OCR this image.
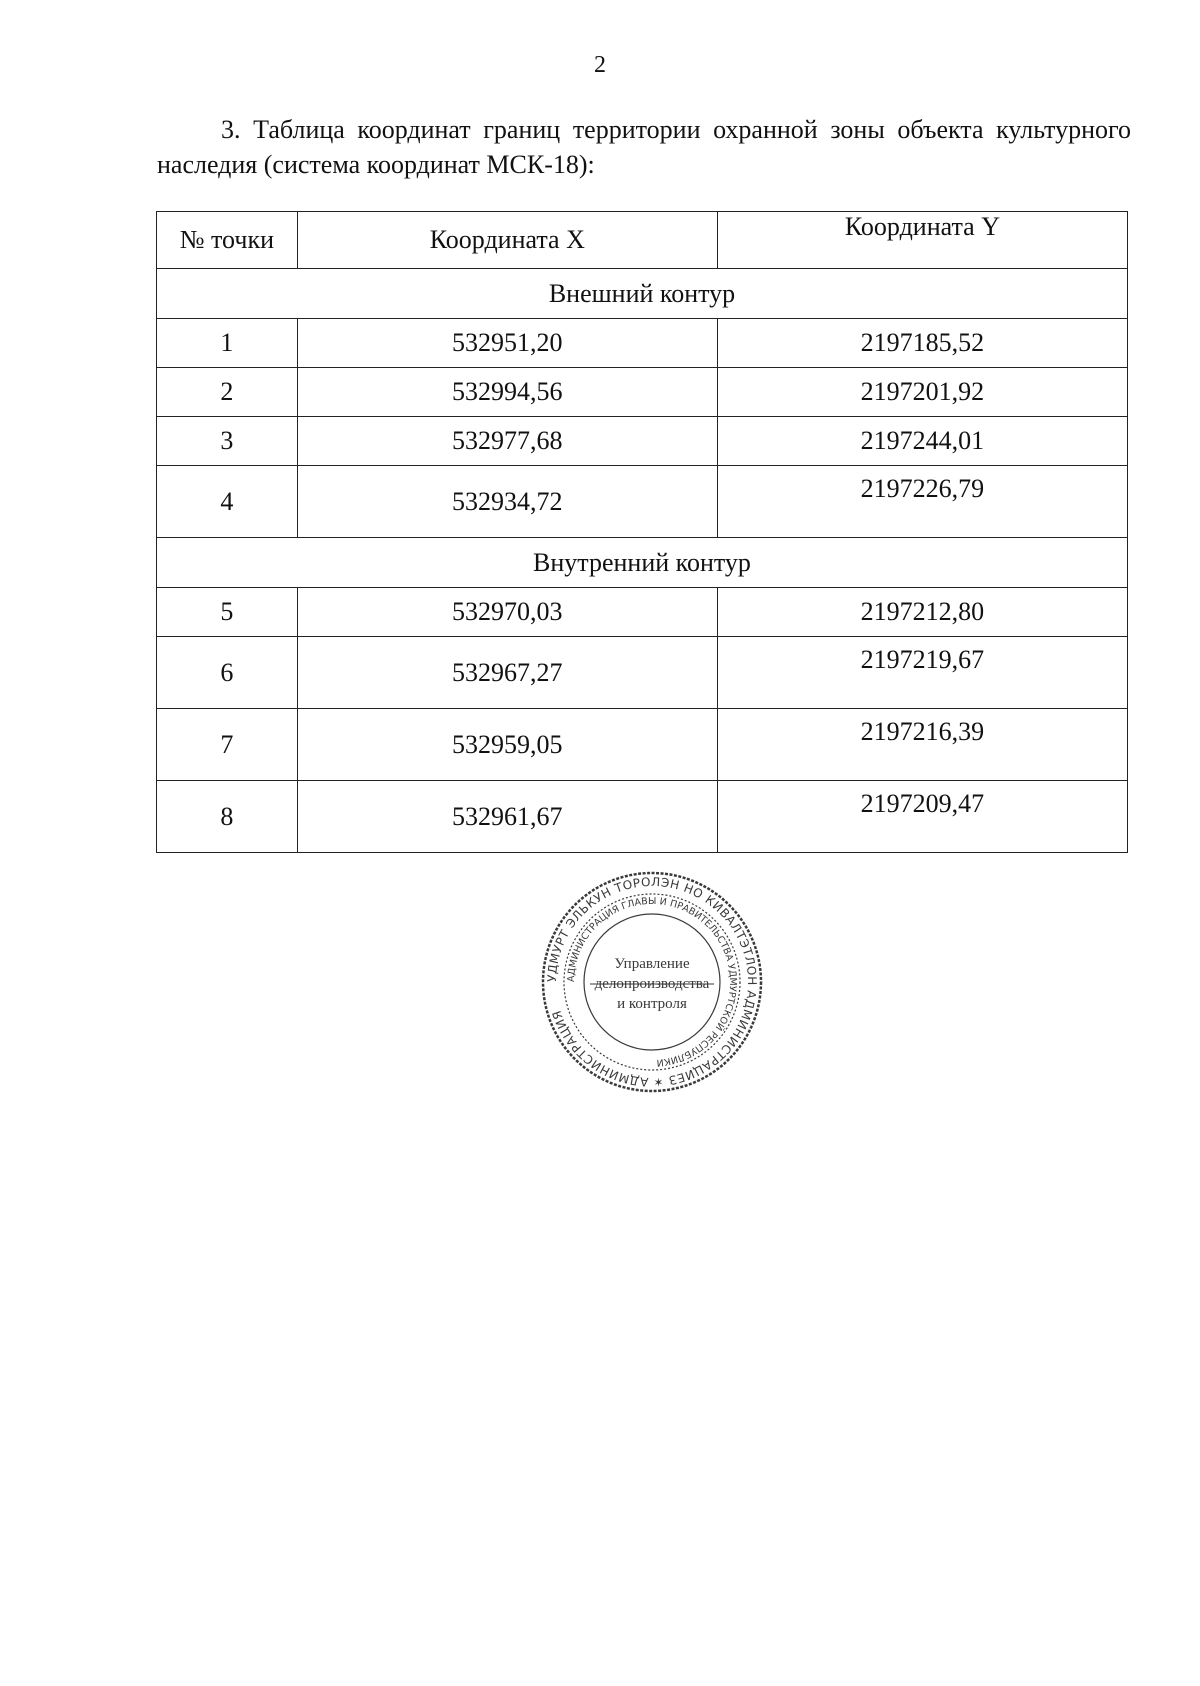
2
3. Таблица координат границ территории охранной зоны объекта культурного наследия (система координат МСК-18):
№ точки	Координата X	Координата Y
Внешний контур		
1	532951,20	2197185,52
2	532994,56	2197201,92
3	532977,68	2197244,01
4	532934,72	2197226,79
Внутренний контур		
5	532970,03	2197212,80
6	532967,27	2197219,67
7	532959,05	2197216,39
8	532961,67	2197209,47
УДМУРТ ЭЛЬКУН ТОРОЛЭН НО КИВАЛТЭТЛОН АДМИНИСТРАЦИЕЗ ✶ АДМИНИСТРАЦИЯ
АДМИНИСТРАЦИЯ ГЛАВЫ И ПРАВИТЕЛЬСТВА УДМУРТСКОЙ РЕСПУБЛИКИ
Управление
делопроизводства
и контроля
